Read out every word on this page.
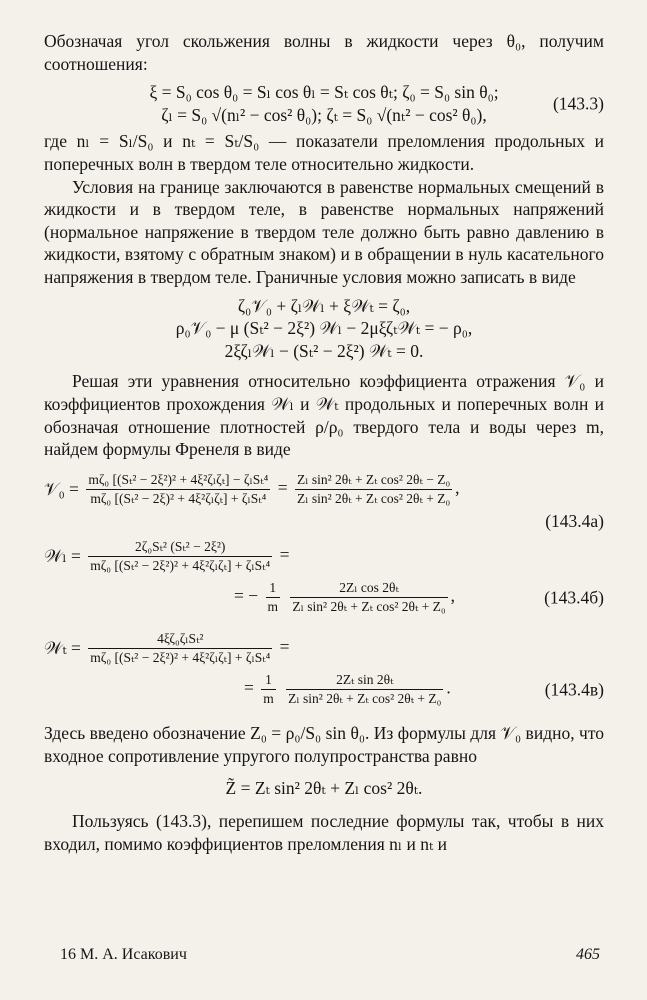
Обозначая угол скольжения волны в жидкости через θ₀, получим соотношения:

ξ = S₀ cos θ₀ = Sₗ cos θₗ = Sₜ cos θₜ; ζ₀ = S₀ sin θ₀;
ζₗ = S₀ √(nₗ² − cos² θ₀); ζₜ = S₀ √(nₜ² − cos² θ₀),
(143.3)

где nₗ = Sₗ/S₀ и nₜ = Sₜ/S₀ — показатели преломления продольных и поперечных волн в твердом теле относительно жидкости.

Условия на границе заключаются в равенстве нормальных смещений в жидкости и в твердом теле, в равенстве нормальных напряжений (нормальное напряжение в твердом теле должно быть равно давлению в жидкости, взятому с обратным знаком) и в обращении в нуль касательного напряжения в твердом теле. Граничные условия можно записать в виде

ζ₀𝒱₀ + ζₗ𝒲ₗ + ξ𝒲ₜ = ζ₀,
ρ₀𝒱₀ − μ (Sₜ² − 2ξ²) 𝒲ₗ − 2μξζₜ𝒲ₜ = − ρ₀,
2ξζₗ𝒲ₗ − (Sₜ² − 2ξ²) 𝒲ₜ = 0.

Решая эти уравнения относительно коэффициента отражения 𝒱₀ и коэффициентов прохождения 𝒲ₗ и 𝒲ₜ продольных и поперечных волн и обозначая отношение плотностей ρ/ρ₀ твердого тела и воды через m, найдем формулы Френеля в виде

𝒱₀ = $\frac{\text{mζ₀ [(Sₜ² − 2ξ²)² + 4ξ²ζₗζₜ] − ζₗSₜ⁴}}{\text{mζ₀ [(Sₜ² − 2ξ)² + 4ξ²ζₗζₜ] + ζₗSₜ⁴}} = \frac{\text{Zₗ sin² 2θₜ + Zₜ cos² 2θₜ − Z₀}}{\text{Zₗ sin² 2θₜ + Zₜ cos² 2θₜ + Z₀}}$ ,
(143.4а)
𝒲ₗ = $\frac{\text{2ζ₀Sₜ² (Sₜ² − 2ξ²)}}{\text{mζ₀ [(Sₜ² − 2ξ²)² + 4ξ²ζₗζₜ] + ζₗSₜ⁴}}$ =
= − $\frac{1}{m}$
$\frac{\text{2Zₗ cos 2θₜ}}{\text{Zₗ sin² 2θₜ + Zₜ cos² 2θₜ + Z₀}}$ ,	(143.4б)
𝒲ₜ = $\frac{\text{4ξζ₀ζₗSₜ²}}{\text{mζ₀ [(Sₜ² − 2ξ²)² + 4ξ²ζₗζₜ] + ζₗSₜ⁴}}$ =
= $\frac{1}{m}$
$\frac{\text{2Zₜ sin 2θₜ}}{\text{Zₗ sin² 2θₜ + Zₜ cos² 2θₜ + Z₀}}$ .	(143.4в)

Здесь введено обозначение Z₀ = ρ₀/S₀ sin θ₀. Из формулы для 𝒱₀ видно, что входное сопротивление упругого полупространства равно

Z̃ = Zₜ sin² 2θₜ + Zₗ cos² 2θₜ.

Пользуясь (143.3), перепишем последние формулы так, чтобы в них входил, помимо коэффициентов преломления nₗ и nₜ и

16 М. А. Исакович	465
